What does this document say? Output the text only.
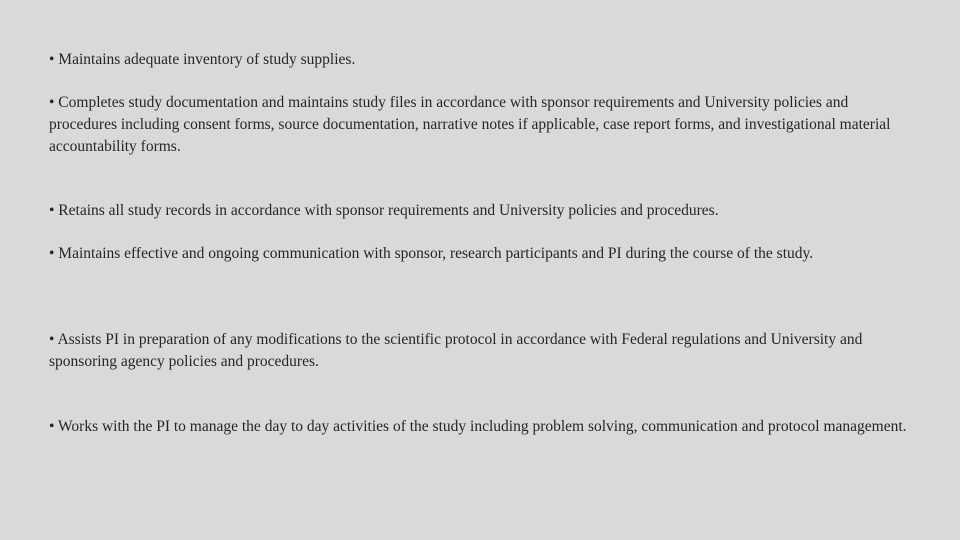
• Maintains adequate inventory of study supplies.

• Completes study documentation and maintains study files in accordance with sponsor requirements and University policies and procedures including consent forms, source documentation, narrative notes if applicable, case report forms, and investigational material accountability forms.

• Retains all study records in accordance with sponsor requirements and University policies and procedures.

• Maintains effective and ongoing communication with sponsor, research participants and PI during the course of the study.

• Assists PI in preparation of any modifications to the scientific protocol in accordance with Federal regulations and University and sponsoring agency policies and procedures.

• Works with the PI to manage the day to day activities of the study including problem solving, communication and protocol management.
